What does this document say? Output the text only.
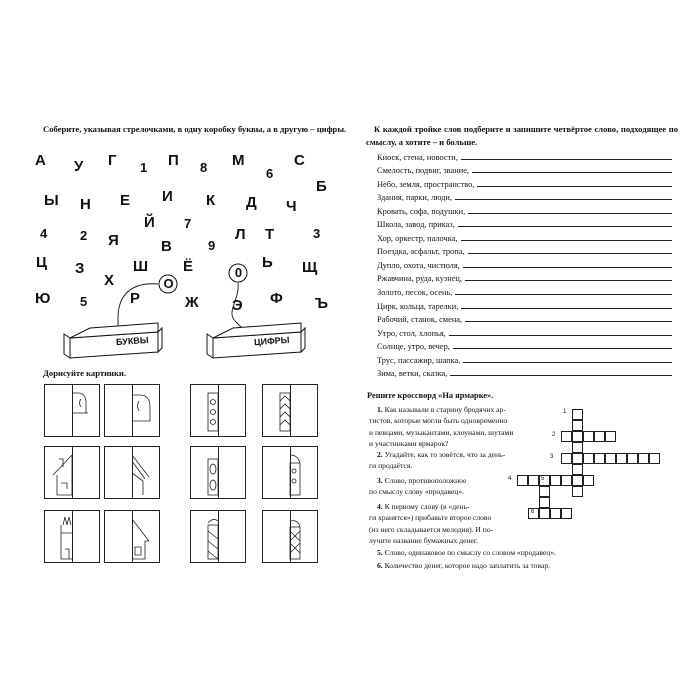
Соберите, указывая стрелочками, в одну коробку буквы, а в другую – цифры.
А У Г 1 П 8 М
6
С
Б
Ы Н Е И К Д Ч
Й 7
4	2 Я	В	9
Л Т	3
Ц З
Х
Ш Ё	Ь Щ
Ю 5	Р	Ж Э Ф Ъ
О
0
БУКВЫ	ЦИФРЫ
Дорисуйте картинки.
К каждой тройке слов подберите и запишите четвёртое слово, подходящее по смыслу, а хотите – и больше.
Киоск, стена, новости,
Смелость, подвиг, звание,
Небо, земля, пространство,
Здания, парки, люди,
Кровать, софа, подушки,
Школа, завод, приказ,
Хор, оркестр, палочка,
Поездка, асфальт, тропа,
Дупло, охота, чистюля,
Ржавчина, руда, кузнец,
Золото, песок, осень,
Цирк, кольца, тарелки,
Рабочий, станок, смена,
Утро, стол, хлопья,
Солнце, утро, вечер,
Трус, пассажир, шапка,
Зима, ветки, сказка,
Решите кроссворд «На ярмарке».
1. Как называли в старину бродячих ар-
тистов, которые могли быть одновременно
и певцами, музыкантами, клоунами, шутами
и участниками ярмарок?
2. Угадайте, как то зовётся, что за день-
ги продаётся.
3. Слово, противоположное
по смыслу слову «продавец».
4. К первому слову (в «день-
ги хранятся») прибавьте второе слово
(из него складывается мелодия). И по-
лучите название бумажных денег.
5. Слово, одинаковое по смыслу со словом «продавец».
6. Количество денег, которое надо заплатить за товар.
1
2
3
4	5
6
